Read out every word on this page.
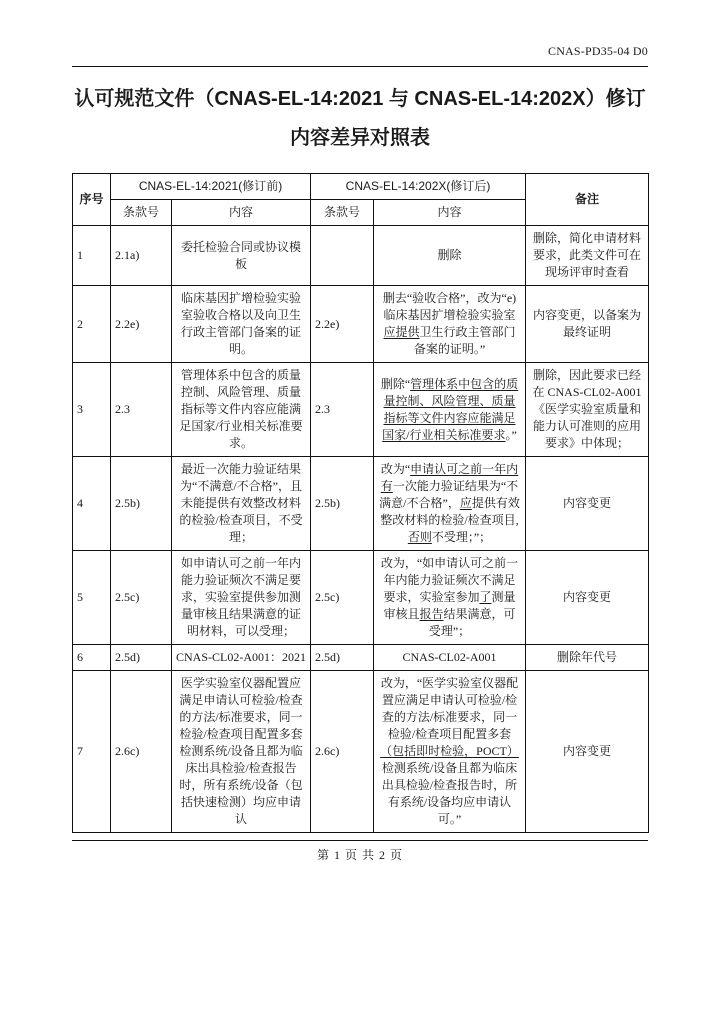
CNAS-PD35-04 D0
认可规范文件（CNAS-EL-14:2021 与 CNAS-EL-14:202X）修订
内容差异对照表
序号	CNAS-EL-14:2021(修订前)		CNAS-EL-14:202X(修订后)		备注
	条款号	内容	条款号	内容	
1	2.1a)	委托检验合同或协议模板		删除	删除，简化申请材料要求，此类文件可在现场评审时查看
2	2.2e)	临床基因扩增检验实验室验收合格以及向卫生行政主管部门备案的证明。	2.2e)	删去“验收合格”，改为“e) 临床基因扩增检验实验室应提供卫生行政主管部门备案的证明。”	内容变更，以备案为最终证明
3	2.3	管理体系中包含的质量控制、风险管理、质量指标等文件内容应能满足国家/行业相关标准要求。	2.3	删除“管理体系中包含的质量控制、风险管理、质量指标等文件内容应能满足国家/行业相关标准要求。”	删除，因此要求已经在 CNAS-CL02-A001《医学实验室质量和能力认可准则的应用要求》中体现；
4	2.5b)	最近一次能力验证结果为“不满意/不合格”，且未能提供有效整改材料的检验/检查项目，不受理；	2.5b)	改为“申请认可之前一年内有一次能力验证结果为“不满意/不合格”，应提供有效整改材料的检验/检查项目,否则不受理；”；	内容变更
5	2.5c)	如申请认可之前一年内能力验证频次不满足要求，实验室提供参加测量审核且结果满意的证明材料，可以受理；	2.5c)	改为，“如申请认可之前一年内能力验证频次不满足要求，实验室参加了测量审核且报告结果满意，可受理”；	内容变更
6	2.5d)	CNAS-CL02-A001：2021	2.5d)	CNAS-CL02-A001	删除年代号
7	2.6c)	医学实验室仪器配置应满足申请认可检验/检查的方法/标准要求，同一检验/检查项目配置多套检测系统/设备且都为临床出具检验/检查报告时，所有系统/设备（包括快速检测）均应申请认	2.6c)	改为，“医学实验室仪器配置应满足申请认可检验/检查的方法/标准要求，同一检验/检查项目配置多套（包括即时检验，POCT）检测系统/设备且都为临床出具检验/检查报告时，所有系统/设备均应申请认可。”	内容变更
第 1 页 共 2 页
